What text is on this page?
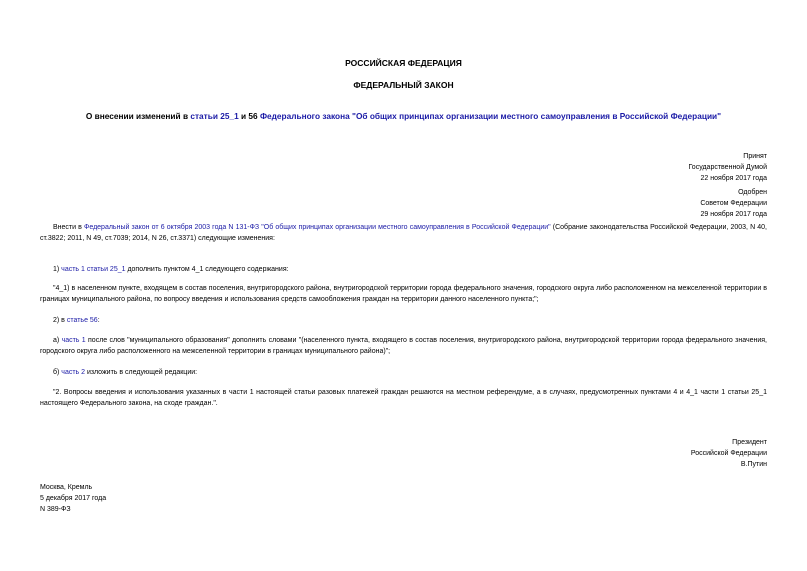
РОССИЙСКАЯ ФЕДЕРАЦИЯ
ФЕДЕРАЛЬНЫЙ ЗАКОН
О внесении изменений в статьи 25_1 и 56 Федерального закона "Об общих принципах организации местного самоуправления в Российской Федерации"
Принят
Государственной Думой
22 ноября 2017 года
Одобрен
Советом Федерации
29 ноября 2017 года
Внести в Федеральный закон от 6 октября 2003 года N 131-ФЗ "Об общих принципах организации местного самоуправления в Российской Федерации" (Собрание законодательства Российской Федерации, 2003, N 40, ст.3822; 2011, N 49, ст.7039; 2014, N 26, ст.3371) следующие изменения:
1) часть 1 статьи 25_1 дополнить пунктом 4_1 следующего содержания:
"4_1) в населенном пункте, входящем в состав поселения, внутригородского района, внутригородской территории города федерального значения, городского округа либо расположенном на межселенной территории в границах муниципального района, по вопросу введения и использования средств самообложения граждан на территории данного населенного пункта;";
2) в статье 56:
а) часть 1 после слов "муниципального образования" дополнить словами "(населенного пункта, входящего в состав поселения, внутригородского района, внутригородской территории города федерального значения, городского округа либо расположенного на межселенной территории в границах муниципального района)";
б) часть 2 изложить в следующей редакции:
"2. Вопросы введения и использования указанных в части 1 настоящей статьи разовых платежей граждан решаются на местном референдуме, а в случаях, предусмотренных пунктами 4 и 4_1 части 1 статьи 25_1 настоящего Федерального закона, на сходе граждан.".
Президент
Российской Федерации
В.Путин
Москва, Кремль
5 декабря 2017 года
N 389-ФЗ
